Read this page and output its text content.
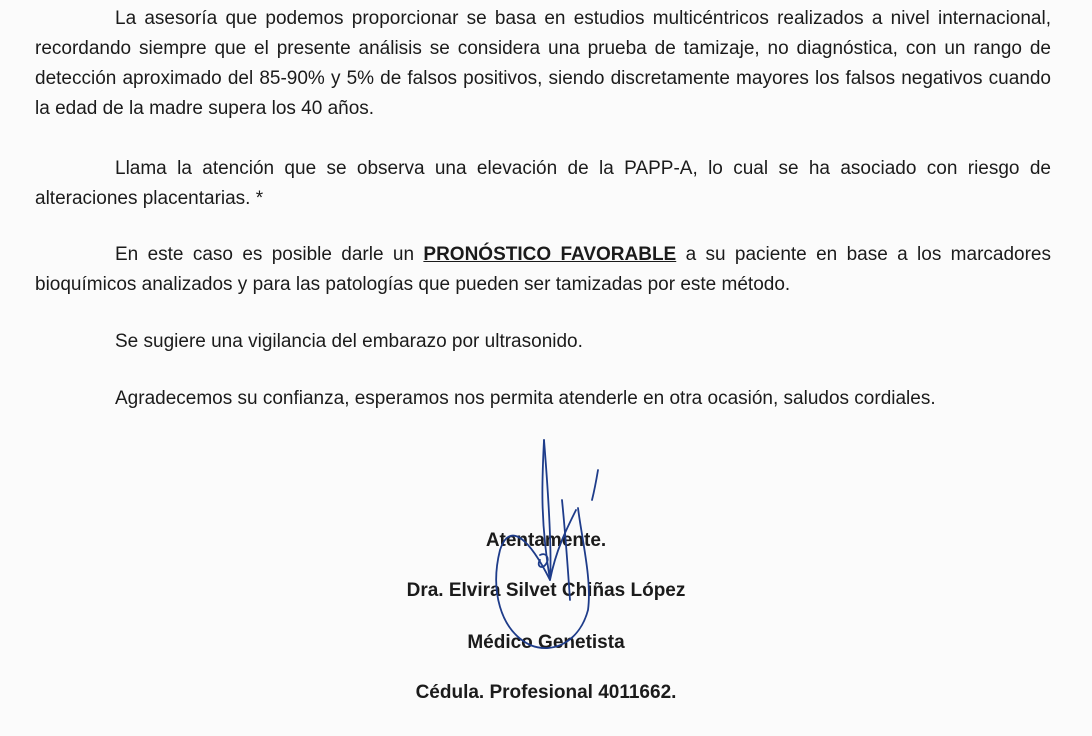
La asesoría que podemos proporcionar se basa en estudios multicéntricos realizados a nivel internacional, recordando siempre que el presente análisis se considera una prueba de tamizaje, no diagnóstica, con un rango de detección aproximado del 85-90% y 5% de falsos positivos, siendo discretamente mayores los falsos negativos cuando la edad de la madre supera los 40 años.

Llama la atención que se observa una elevación de la PAPP-A, lo cual se ha asociado con riesgo de alteraciones placentarias. *

En este caso es posible darle un PRONÓSTICO FAVORABLE a su paciente en base a los marcadores bioquímicos analizados y para las patologías que pueden ser tamizadas por este método.

Se sugiere una vigilancia del embarazo por ultrasonido.

Agradecemos su confianza, esperamos nos permita atenderle en otra ocasión, saludos cordiales.

Atentamente.
Dra. Elvira Silvet Chiñas López
Médico Genetista
Cédula. Profesional 4011662.
